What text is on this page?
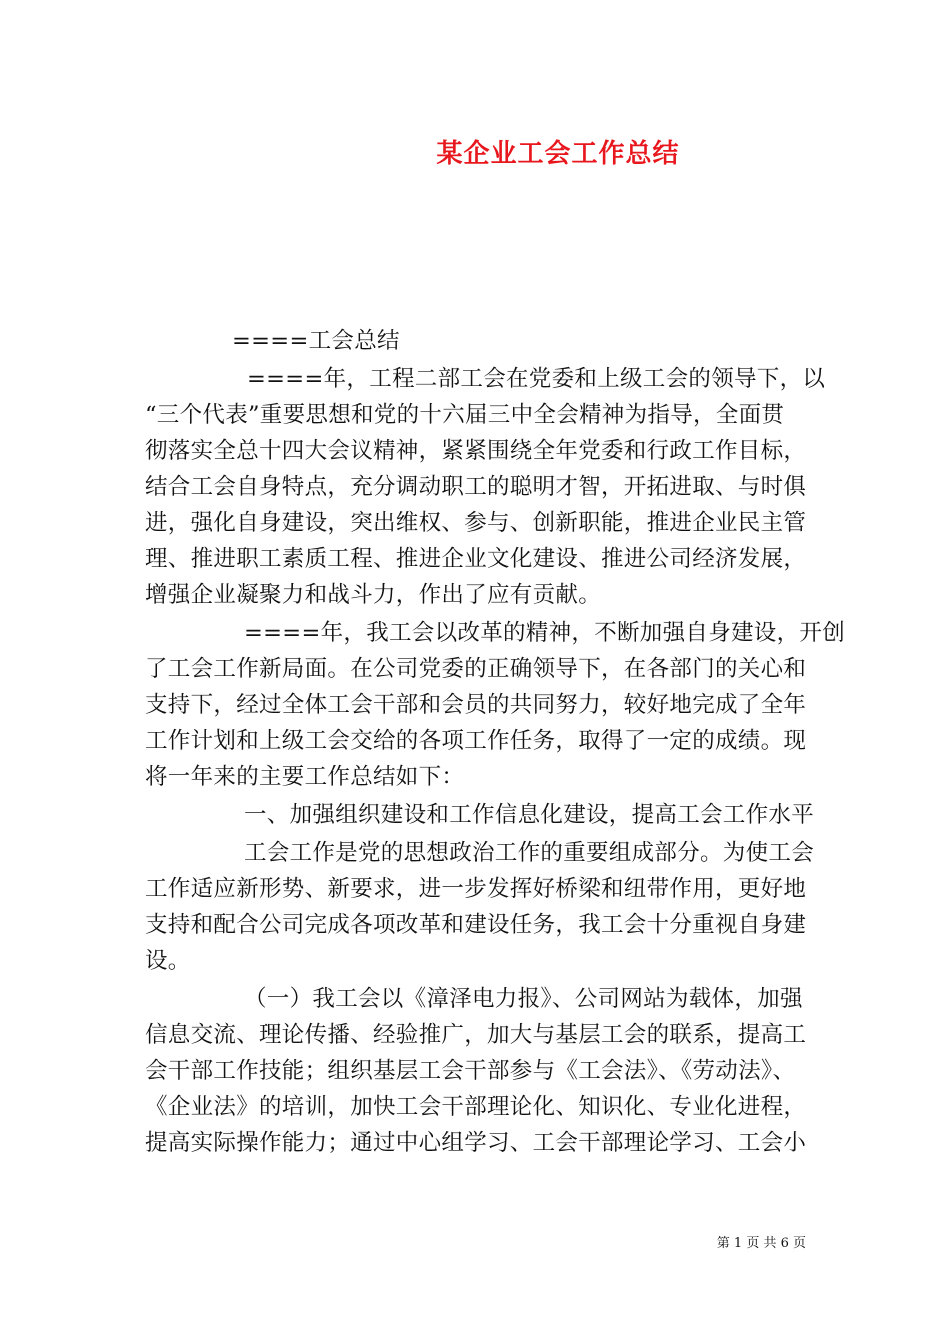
某企业工会工作总结
====工会总结
====年，工程二部工会在党委和上级工会的领导下，以
“三个代表”重要思想和党的十六届三中全会精神为指导，全面贯
彻落实全总十四大会议精神，紧紧围绕全年党委和行政工作目标，
结合工会自身特点，充分调动职工的聪明才智，开拓进取、与时俱
进，强化自身建设，突出维权、参与、创新职能，推进企业民主管
理、推进职工素质工程、推进企业文化建设、推进公司经济发展，
增强企业凝聚力和战斗力，作出了应有贡献。
====年，我工会以改革的精神，不断加强自身建设，开创
了工会工作新局面。在公司党委的正确领导下，在各部门的关心和
支持下，经过全体工会干部和会员的共同努力，较好地完成了全年
工作计划和上级工会交给的各项工作任务，取得了一定的成绩。现
将一年来的主要工作总结如下：
一、加强组织建设和工作信息化建设，提高工会工作水平
工会工作是党的思想政治工作的重要组成部分。为使工会
工作适应新形势、新要求，进一步发挥好桥梁和纽带作用，更好地
支持和配合公司完成各项改革和建设任务，我工会十分重视自身建
设。
（一）我工会以《漳泽电力报》、公司网站为载体，加强
信息交流、理论传播、经验推广，加大与基层工会的联系，提高工
会干部工作技能；组织基层工会干部参与《工会法》、《劳动法》、
《企业法》的培训，加快工会干部理论化、知识化、专业化进程，
提高实际操作能力；通过中心组学习、工会干部理论学习、工会小
第 1 页 共 6 页
